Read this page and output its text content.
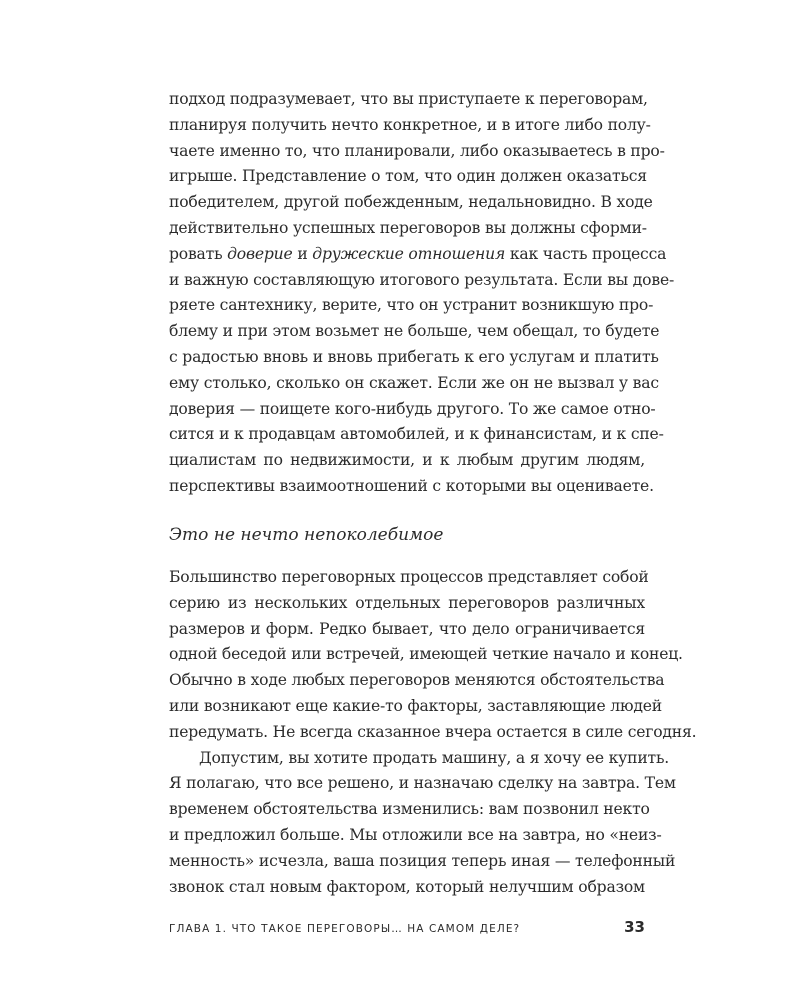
подход подразумевает, что вы приступаете к переговорам,
планируя получить нечто конкретное, и в итоге либо полу-
чаете именно то, что планировали, либо оказываетесь в про-
игрыше. Представление о том, что один должен оказаться
победителем, другой побежденным, недальновидно. В ходе
действительно успешных переговоров вы должны сформи-
ровать доверие и дружеские отношения как часть процесса
и важную составляющую итогового результата. Если вы дове-
ряете сантехнику, верите, что он устранит возникшую про-
блему и при этом возьмет не больше, чем обещал, то будете
с радостью вновь и вновь прибегать к его услугам и платить
ему столько, сколько он скажет. Если же он не вызвал у вас
доверия — поищете кого-нибудь другого. То же самое отно-
сится и к продавцам автомобилей, и к финансистам, и к спе-
циалистам по недвижимости, и к любым другим людям,
перспективы взаимоотношений с которыми вы оцениваете.
Это не нечто непоколебимое
Большинство переговорных процессов представляет собой
серию из нескольких отдельных переговоров различных
размеров и форм. Редко бывает, что дело ограничивается
одной беседой или встречей, имеющей четкие начало и конец.
Обычно в ходе любых переговоров меняются обстоятельства
или возникают еще какие-то факторы, заставляющие людей
передумать. Не всегда сказанное вчера остается в силе сегодня.
Допустим, вы хотите продать машину, а я хочу ее купить.
Я полагаю, что все решено, и назначаю сделку на завтра. Тем
временем обстоятельства изменились: вам позвонил некто
и предложил больше. Мы отложили все на завтра, но «неиз-
менность» исчезла, ваша позиция теперь иная — телефонный
звонок стал новым фактором, который нелучшим образом
ГЛАВА 1. ЧТО ТАКОЕ ПЕРЕГОВОРЫ… НА САМОМ ДЕЛЕ?	33
